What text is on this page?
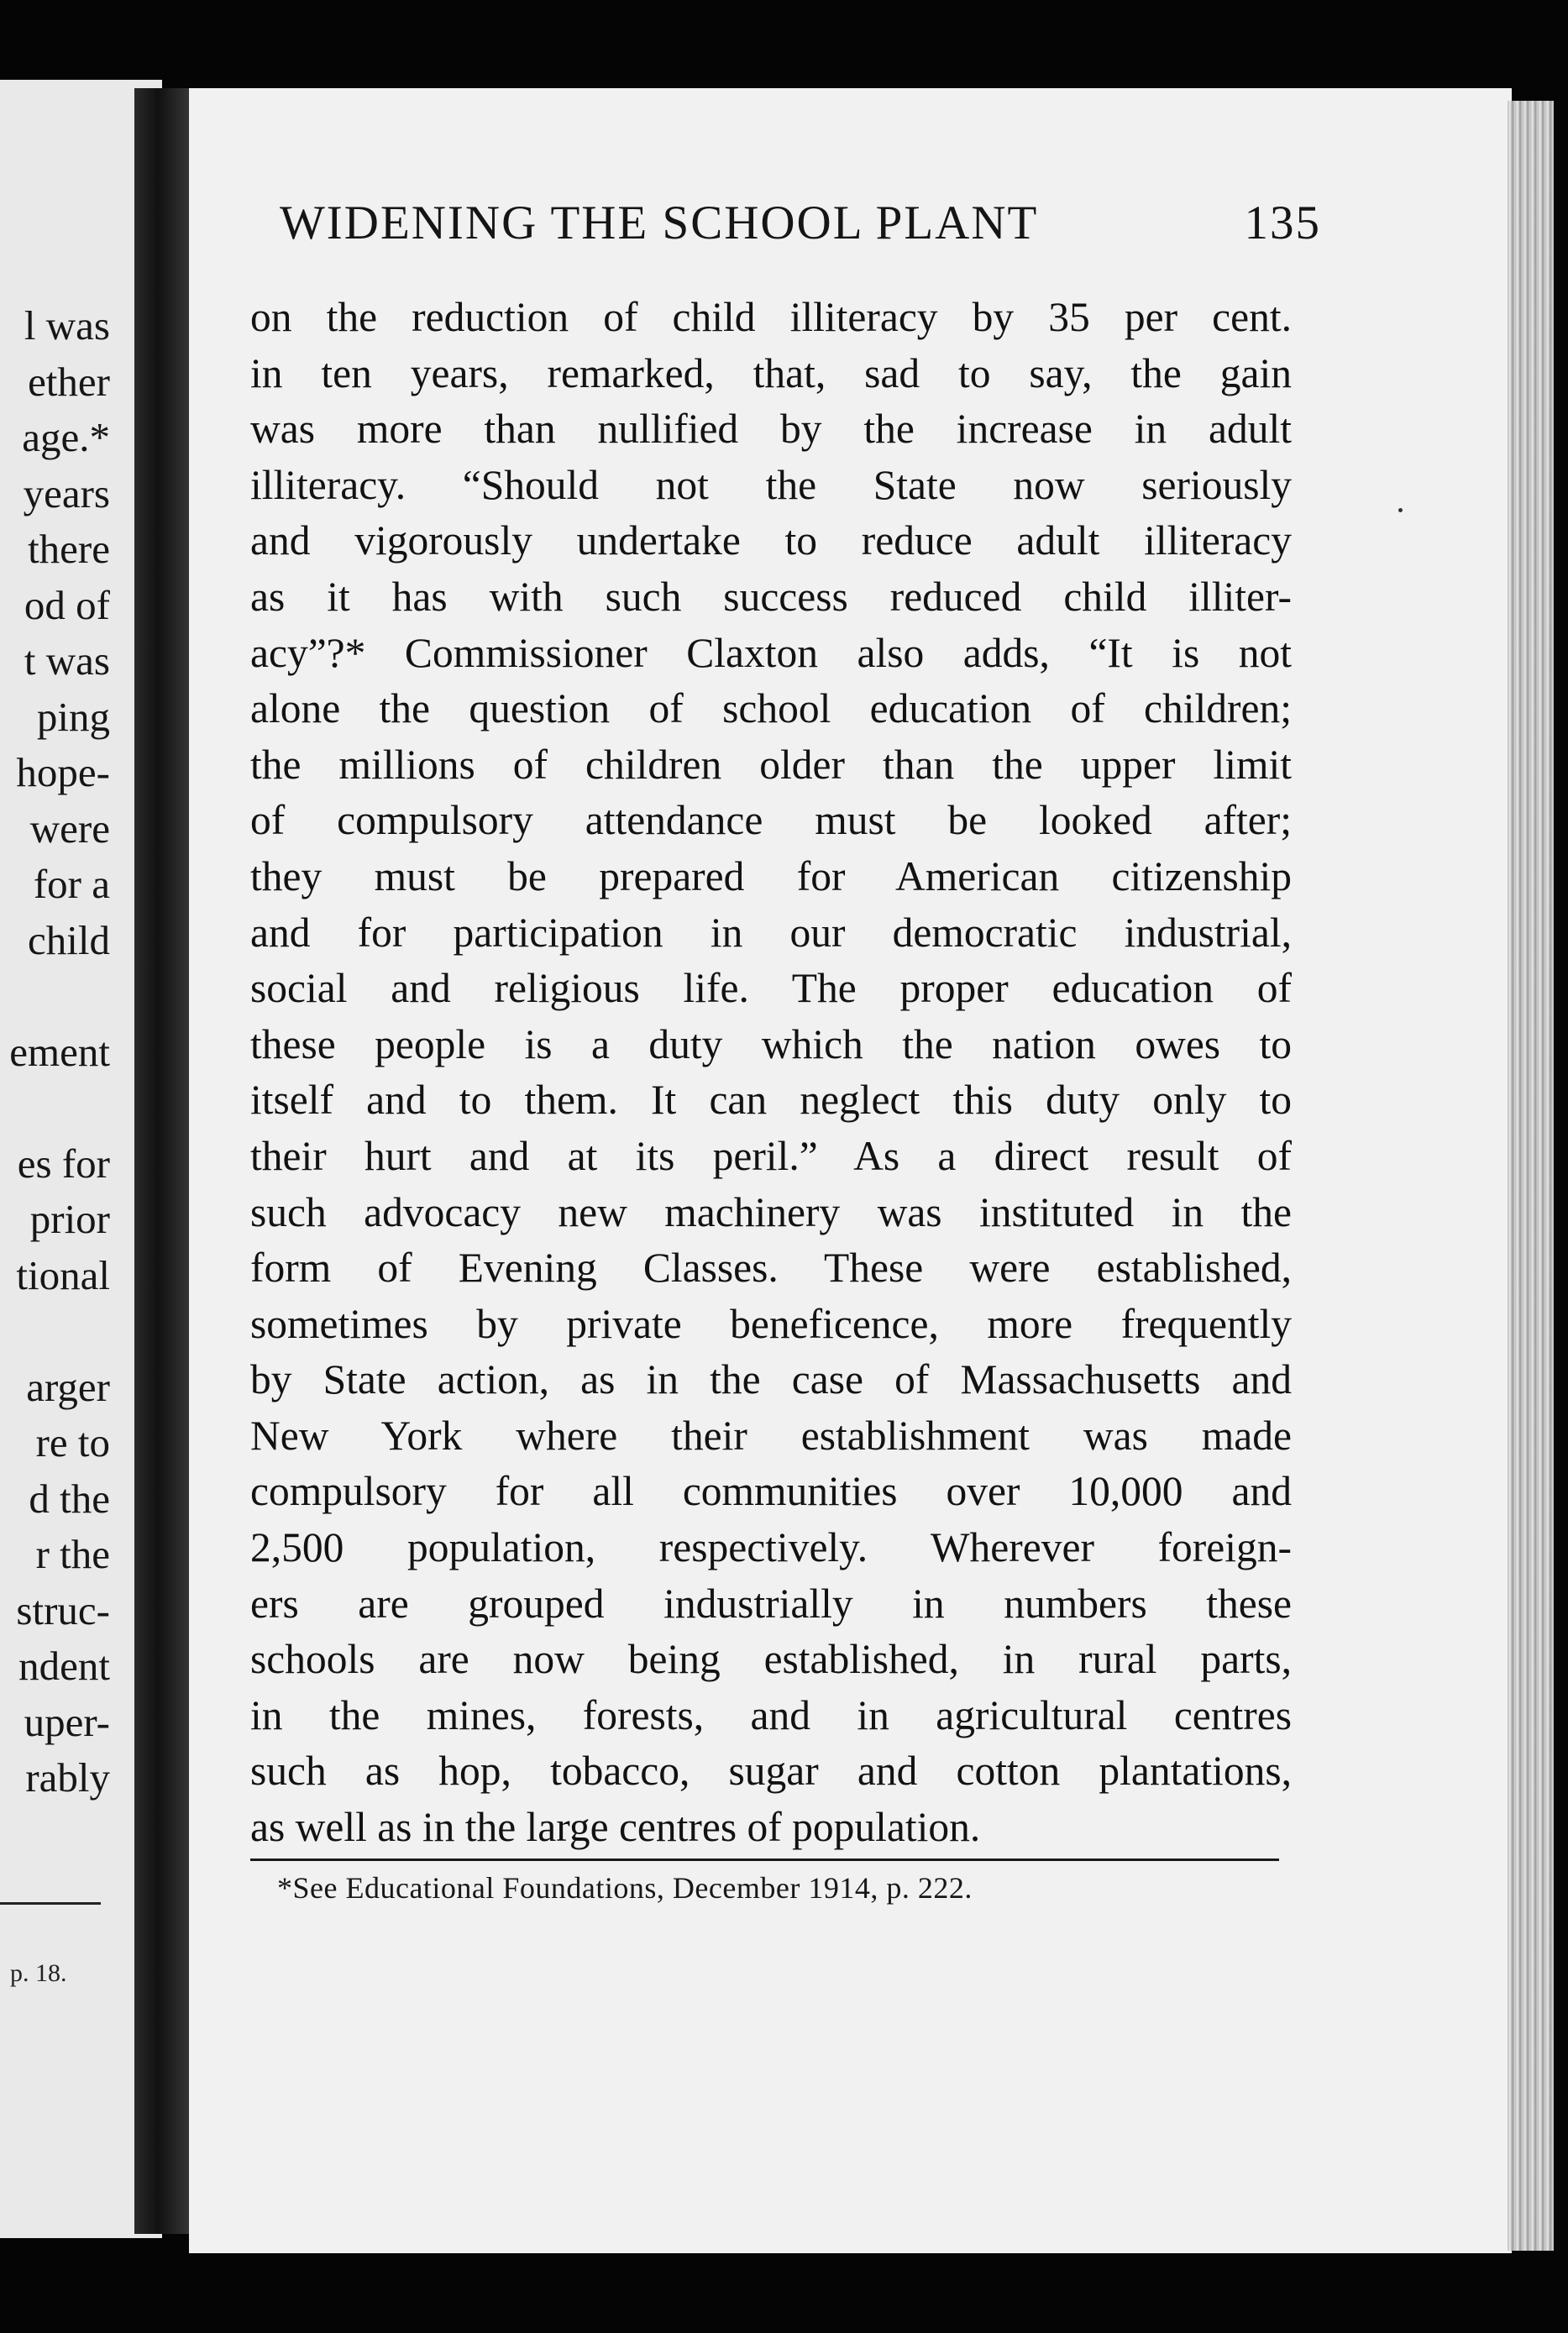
l was
ether
age.*
years
there
od of
t was
ping
hope-
were
for a
child
ement
es for
prior
tional
arger
re to
d the
r the
struc-
ndent
uper-
rably
p. 18.
WIDENING THE SCHOOL PLANT	135
on the reduction of child illiteracy by 35 per cent.
in ten years, remarked, that, sad to say, the gain
was more than nullified by the increase in adult
illiteracy. “Should not the State now seriously
and vigorously undertake to reduce adult illiteracy
as it has with such success reduced child illiter-
acy”?* Commissioner Claxton also adds, “It is not
alone the question of school education of children;
the millions of children older than the upper limit
of compulsory attendance must be looked after;
they must be prepared for American citizenship
and for participation in our democratic industrial,
social and religious life. The proper education of
these people is a duty which the nation owes to
itself and to them. It can neglect this duty only to
their hurt and at its peril.” As a direct result of
such advocacy new machinery was instituted in the
form of Evening Classes. These were established,
sometimes by private beneficence, more frequently
by State action, as in the case of Massachusetts and
New York where their establishment was made
compulsory for all communities over 10,000 and
2,500 population, respectively. Wherever foreign-
ers are grouped industrially in numbers these
schools are now being established, in rural parts,
in the mines, forests, and in agricultural centres
such as hop, tobacco, sugar and cotton plantations,
as well as in the large centres of population.
*See Educational Foundations, December 1914, p. 222.
